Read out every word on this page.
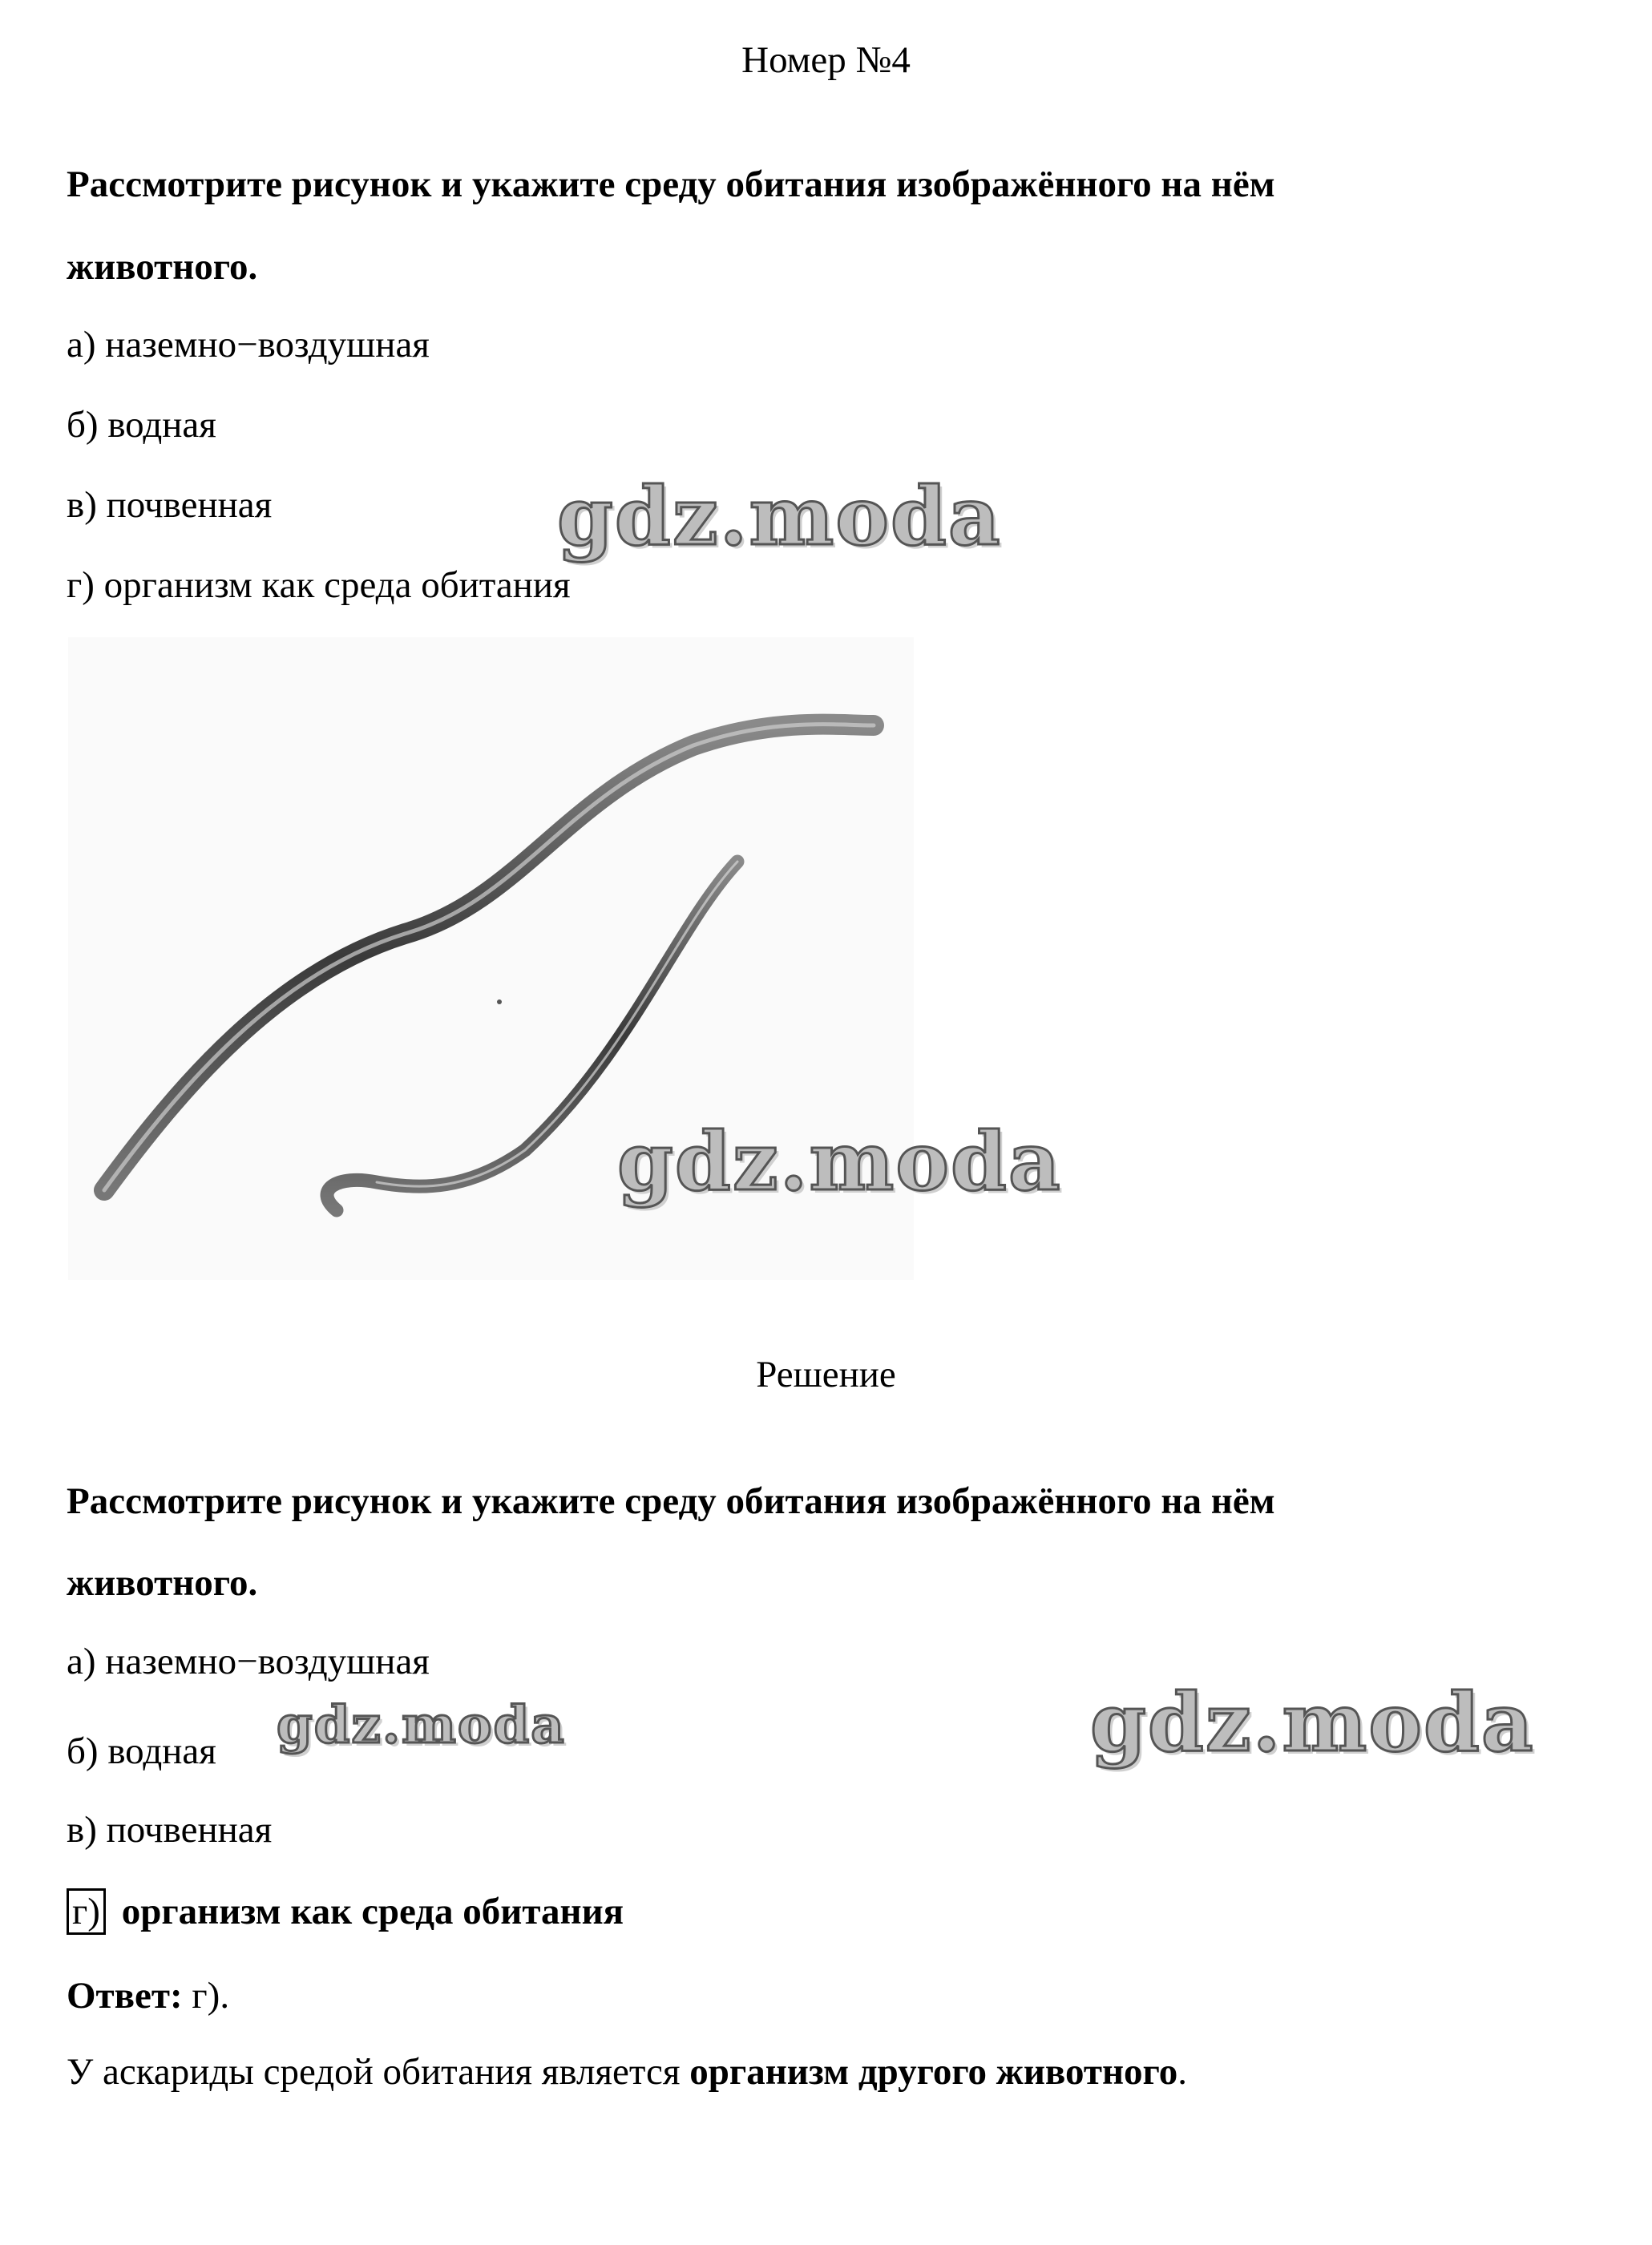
Номер №4
Рассмотрите рисунок и укажите среду обитания изображённого на нём
животного.
а) наземно−воздушная
б) водная
в) почвенная
г) организм как среда обитания
Решение
Рассмотрите рисунок и укажите среду обитания изображённого на нём
животного.
а) наземно−воздушная
б) водная
в) почвенная
г) организм как среда обитания
Ответ: г).
У аскариды средой обитания является организм другого животного.
gdz.moda
gdz.moda
gdz.moda	gdz.moda
